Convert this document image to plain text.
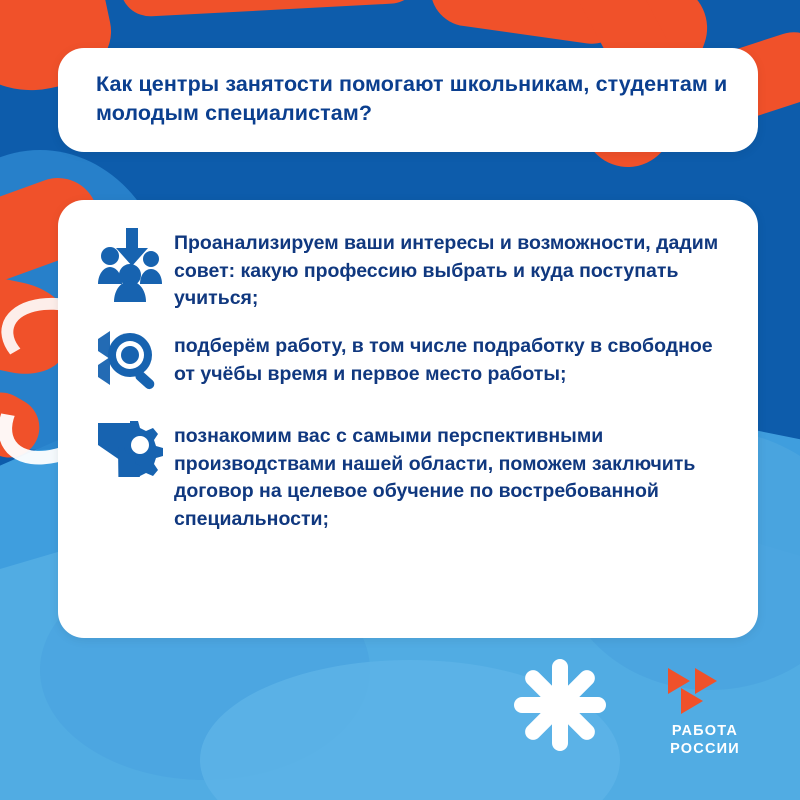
Как центры занятости помогают школьникам, студентам и молодым специалистам?
Проанализируем ваши интересы и возможности, дадим совет: какую профессию выбрать и куда поступать учиться;
подберём работу, в том числе подработку в свободное от учёбы время и первое место работы;
познакомим вас с самыми перспективными производствами нашей области, поможем заключить договор на целевое обучение по востребованной специальности;
РАБОТА
РОССИИ
